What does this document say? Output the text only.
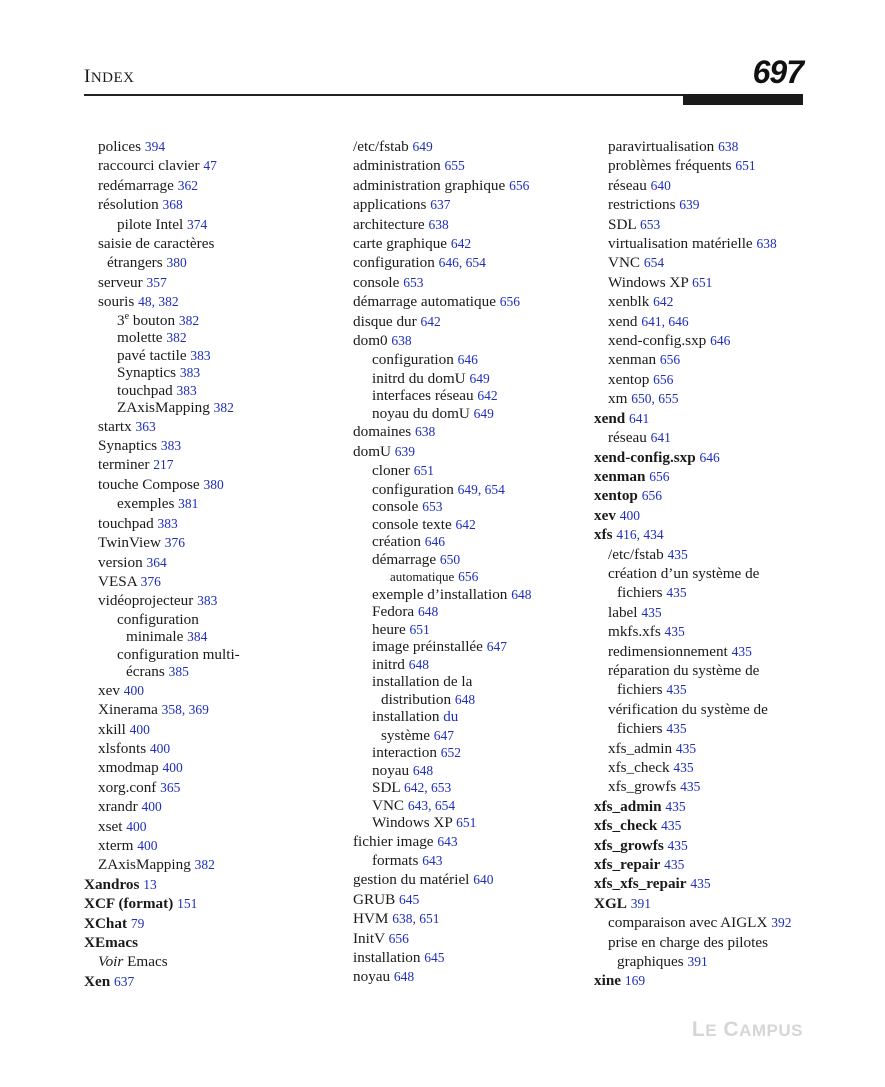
INDEX	697
polices 394
raccourci clavier 47
redémarrage 362
résolution 368
pilote Intel 374
saisie de caractères
étrangers 380
serveur 357
souris 48, 382
3e bouton 382
molette 382
pavé tactile 383
Synaptics 383
touchpad 383
ZAxisMapping 382
startx 363
Synaptics 383
terminer 217
touche Compose 380
exemples 381
touchpad 383
TwinView 376
version 364
VESA 376
vidéoprojecteur 383
configuration
minimale 384
configuration multi-
écrans 385
xev 400
Xinerama 358, 369
xkill 400
xlsfonts 400
xmodmap 400
xorg.conf 365
xrandr 400
xset 400
xterm 400
ZAxisMapping 382
Xandros 13
XCF (format) 151
XChat 79
XEmacs
Voir Emacs
Xen 637
/etc/fstab 649
administration 655
administration graphique 656
applications 637
architecture 638
carte graphique 642
configuration 646, 654
console 653
démarrage automatique 656
disque dur 642
dom0 638
configuration 646
initrd du domU 649
interfaces réseau 642
noyau du domU 649
domaines 638
domU 639
cloner 651
configuration 649, 654
console 653
console texte 642
création 646
démarrage 650
automatique 656
exemple d’installation 648
Fedora 648
heure 651
image préinstallée 647
initrd 648
installation de la
distribution 648
installation du
système 647
interaction 652
noyau 648
SDL 642, 653
VNC 643, 654
Windows XP 651
fichier image 643
formats 643
gestion du matériel 640
GRUB 645
HVM 638, 651
InitV 656
installation 645
noyau 648
paravirtualisation 638
problèmes fréquents 651
réseau 640
restrictions 639
SDL 653
virtualisation matérielle 638
VNC 654
Windows XP 651
xenblk 642
xend 641, 646
xend-config.sxp 646
xenman 656
xentop 656
xm 650, 655
xend 641
réseau 641
xend-config.sxp 646
xenman 656
xentop 656
xev 400
xfs 416, 434
/etc/fstab 435
création d’un système de
fichiers 435
label 435
mkfs.xfs 435
redimensionnement 435
réparation du système de
fichiers 435
vérification du système de
fichiers 435
xfs_admin 435
xfs_check 435
xfs_growfs 435
xfs_admin 435
xfs_check 435
xfs_growfs 435
xfs_repair 435
xfs_xfs_repair 435
XGL 391
comparaison avec AIGLX 392
prise en charge des pilotes
graphiques 391
xine 169
LE CAMPUS
